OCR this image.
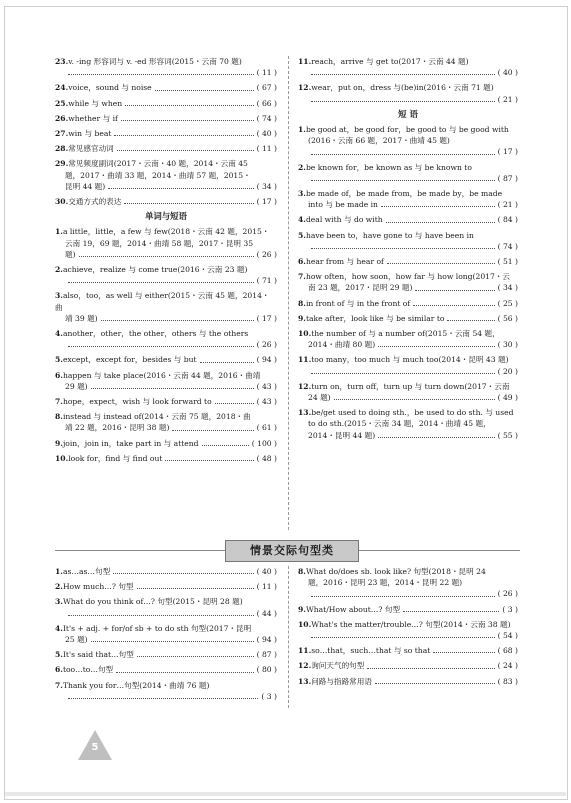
23.v. -ing 形容词与 v. -ed 形容词(2015・云南 70 题)
( 11 )
24. voice，sound 与 noise	( 67 )
25. while 与 when	( 66 )
26. whether 与 if	( 74 )
27. win 与 beat	( 40 )
28. 常见感官动词	( 11 )
29.常见频度副词(2017・云南・40 题，2014・云南 45
题，2017・曲靖 33 题，2014・曲靖 57 题，2015・
昆明 44 题)	( 34 )
30. 交通方式的表达	( 17 )
单词与短语
1.a little，little，a few 与 few(2018・云南 42 题，2015・
云南 19，69 题，2014・曲靖 58 题，2017・昆明 35
题)	( 26 )
2.achieve，realize 与 come true(2016・云南 23 题)
( 71 )
3.also，too，as well 与 either(2015・云南 45 题，2014・曲
靖 39 题)	( 17 )
4.another，other，the other，others 与 the others
( 26 )
5. except，except for，besides 与 but	( 94 )
6.happen 与 take place(2016・云南 44 题，2016・曲靖
29 题)	( 43 )
7. hope，expect，wish 与 look forward to	( 43 )
8.instead 与 instead of(2014・云南 75 题，2018・曲
靖 22 题，2016・昆明 38 题)	( 61 )
9. join，join in，take part in 与 attend	( 100 )
10. look for，find 与 find out	( 48 )
11.reach，arrive 与 get to(2017・云南 44 题)
( 40 )
12.wear，put on，dress 与(be)in(2016・云南 71 题)
( 21 )
短 语
1.be good at，be good for，be good to 与 be good with
(2016・云南 66 题，2017・曲靖 45 题)
( 17 )
2.be known for，be known as 与 be known to
( 87 )
3.be made of，be made from，be made by，be made
into 与 be made in	( 21 )
4. deal with 与 do with	( 84 )
5.have been to，have gone to 与 have been in
( 74 )
6. hear from 与 hear of	( 51 )
7.how often，how soon，how far 与 how long(2017・云
南 23 题，2017・昆明 29 题)	( 34 )
8. in front of 与 in the front of	( 25 )
9. take after，look like 与 be similar to	( 56 )
10.the number of 与 a number of(2015・云南 54 题，
2014・曲靖 80 题)	( 30 )
11.too many，too much 与 much too(2014・昆明 43 题)
( 20 )
12.turn on，turn off，turn up 与 turn down(2017・云南
24 题)	( 49 )
13.be/get used to doing sth.，be used to do sth. 与 used
to do sth.(2015・云南 34 题，2014・曲靖 45 题，
2014・昆明 44 题)	( 55 )
情景交际句型类
1. as…as…句型	( 40 )
2. How much…? 句型	( 11 )
3.What do you think of…? 句型(2015・昆明 28 题)
( 44 )
4.It's + adj. + for/of sb + to do sth 句型(2017・昆明
25 题)	( 94 )
5. It's said that…句型	( 87 )
6. too…to…句型	( 80 )
7.Thank you for…句型(2014・曲靖 76 题)
( 3 )
8.What do/does sb. look like? 句型(2018・昆明 24
题，2016・昆明 23 题，2014・昆明 22 题)
( 26 )
9. What/How about…? 句型	( 3 )
10.What's the matter/trouble…? 句型(2014・云南 38 题)
( 54 )
11. so…that，such…that 与 so that	( 68 )
12. 询问天气的句型	( 24 )
13. 问路与指路常用语	( 83 )
5
